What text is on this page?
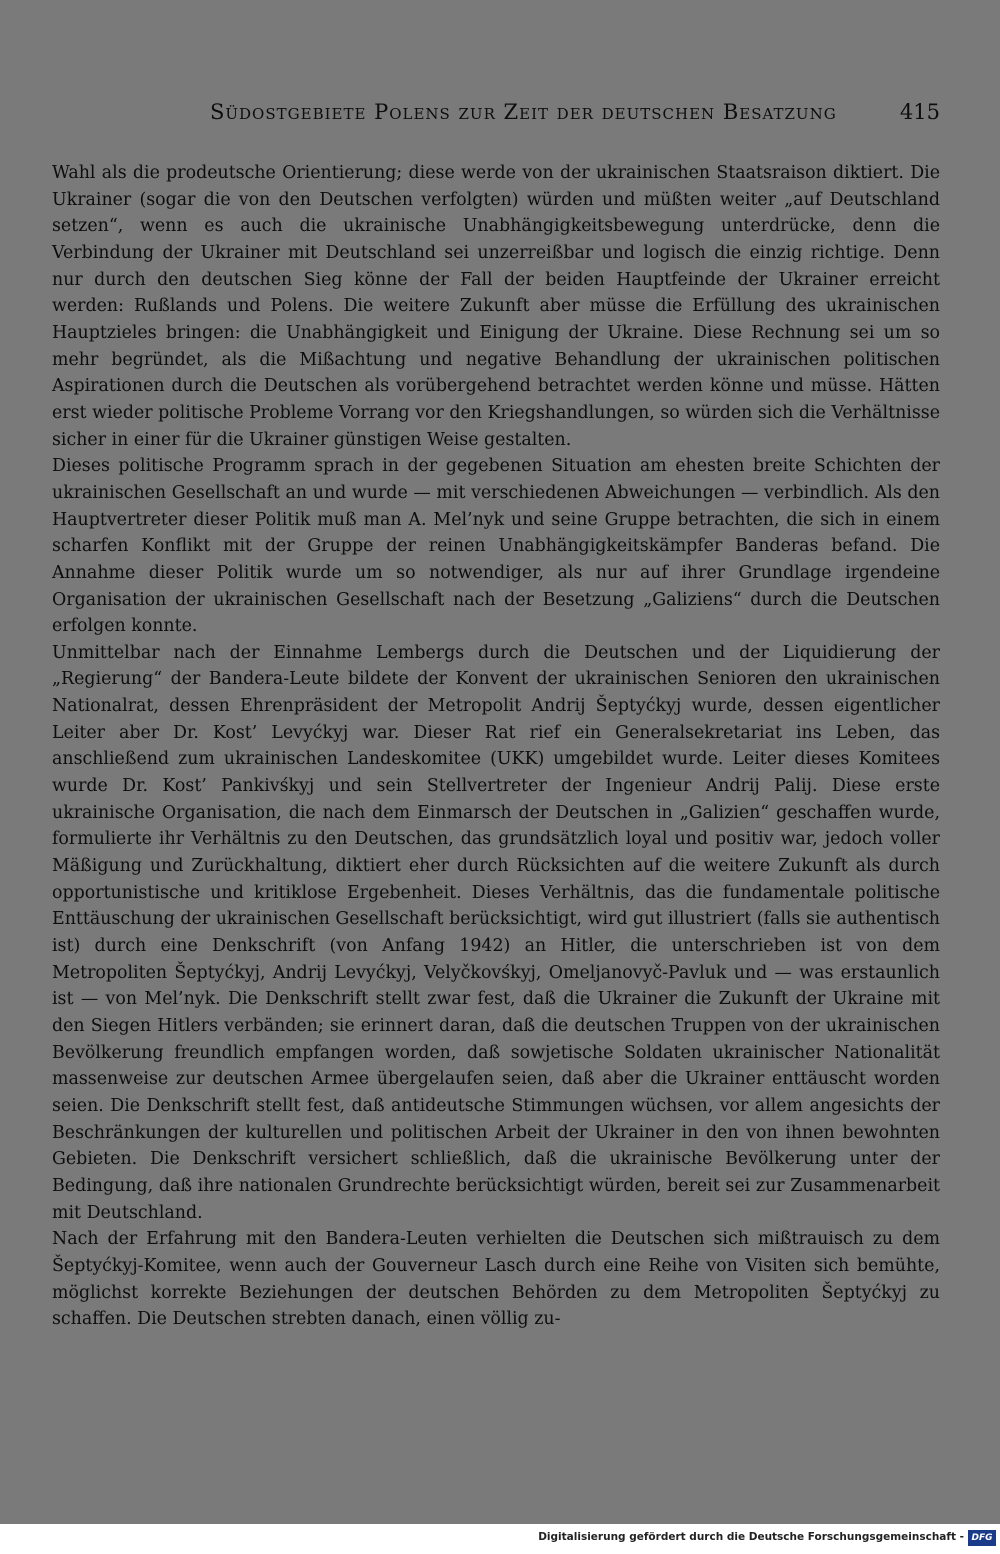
Südostgebiete Polens zur Zeit der deutschen Besatzung	415

Wahl als die prodeutsche Orientierung; diese werde von der ukrainischen Staatsraison diktiert. Die Ukrainer (sogar die von den Deutschen verfolgten) würden und müßten weiter „auf Deutschland setzen“, wenn es auch die ukrainische Unabhängigkeitsbewegung unterdrücke, denn die Verbindung der Ukrainer mit Deutschland sei unzerreißbar und logisch die einzig richtige. Denn nur durch den deutschen Sieg könne der Fall der beiden Hauptfeinde der Ukrainer erreicht werden: Rußlands und Polens. Die weitere Zukunft aber müsse die Erfüllung des ukrainischen Hauptzieles bringen: die Unabhängigkeit und Einigung der Ukraine. Diese Rechnung sei um so mehr begründet, als die Mißachtung und negative Behandlung der ukrainischen politischen Aspirationen durch die Deutschen als vorübergehend betrachtet werden könne und müsse. Hätten erst wieder politische Probleme Vorrang vor den Kriegshandlungen, so würden sich die Verhältnisse sicher in einer für die Ukrainer günstigen Weise gestalten.

Dieses politische Programm sprach in der gegebenen Situation am ehesten breite Schichten der ukrainischen Gesellschaft an und wurde — mit verschiedenen Abweichungen — verbindlich. Als den Hauptvertreter dieser Politik muß man A. Mel’nyk und seine Gruppe betrachten, die sich in einem scharfen Konflikt mit der Gruppe der reinen Unabhängigkeitskämpfer Banderas befand. Die Annahme dieser Politik wurde um so notwendiger, als nur auf ihrer Grundlage irgendeine Organisation der ukrainischen Gesellschaft nach der Besetzung „Galiziens“ durch die Deutschen erfolgen konnte.

Unmittelbar nach der Einnahme Lembergs durch die Deutschen und der Liquidierung der „Regierung“ der Bandera-Leute bildete der Konvent der ukrainischen Senioren den ukrainischen Nationalrat, dessen Ehrenpräsident der Metropolit Andrij Šeptyćkyj wurde, dessen eigentlicher Leiter aber Dr. Kost’ Levyćkyj war. Dieser Rat rief ein Generalsekretariat ins Leben, das anschließend zum ukrainischen Landeskomitee (UKK) umgebildet wurde. Leiter dieses Komitees wurde Dr. Kost’ Pankivśkyj und sein Stellvertreter der Ingenieur Andrij Palij. Diese erste ukrainische Organisation, die nach dem Einmarsch der Deutschen in „Galizien“ geschaffen wurde, formulierte ihr Verhältnis zu den Deutschen, das grundsätzlich loyal und positiv war, jedoch voller Mäßigung und Zurückhaltung, diktiert eher durch Rücksichten auf die weitere Zukunft als durch opportunistische und kritiklose Ergebenheit. Dieses Verhältnis, das die fundamentale politische Enttäuschung der ukrainischen Gesellschaft berücksichtigt, wird gut illustriert (falls sie authentisch ist) durch eine Denkschrift (von Anfang 1942) an Hitler, die unterschrieben ist von dem Metropoliten Šeptyćkyj, Andrij Levyćkyj, Velyčkovśkyj, Omeljanovyč-Pavluk und — was erstaunlich ist — von Mel’nyk. Die Denkschrift stellt zwar fest, daß die Ukrainer die Zukunft der Ukraine mit den Siegen Hitlers verbänden; sie erinnert daran, daß die deutschen Truppen von der ukrainischen Bevölkerung freundlich empfangen worden, daß sowjetische Soldaten ukrainischer Nationalität massenweise zur deutschen Armee übergelaufen seien, daß aber die Ukrainer enttäuscht worden seien. Die Denkschrift stellt fest, daß antideutsche Stimmungen wüchsen, vor allem angesichts der Beschränkungen der kulturellen und politischen Arbeit der Ukrainer in den von ihnen bewohnten Gebieten. Die Denkschrift versichert schließlich, daß die ukrainische Bevölkerung unter der Bedingung, daß ihre nationalen Grundrechte berücksichtigt würden, bereit sei zur Zusammenarbeit mit Deutschland.

Nach der Erfahrung mit den Bandera-Leuten verhielten die Deutschen sich mißtrauisch zu dem Šeptyćkyj-Komitee, wenn auch der Gouverneur Lasch durch eine Reihe von Visiten sich bemühte, möglichst korrekte Beziehungen der deutschen Behörden zu dem Metropoliten Šeptyćkyj zu schaffen. Die Deutschen strebten danach, einen völlig zu-

Digitalisierung gefördert durch die Deutsche Forschungsgemeinschaft - DFG
